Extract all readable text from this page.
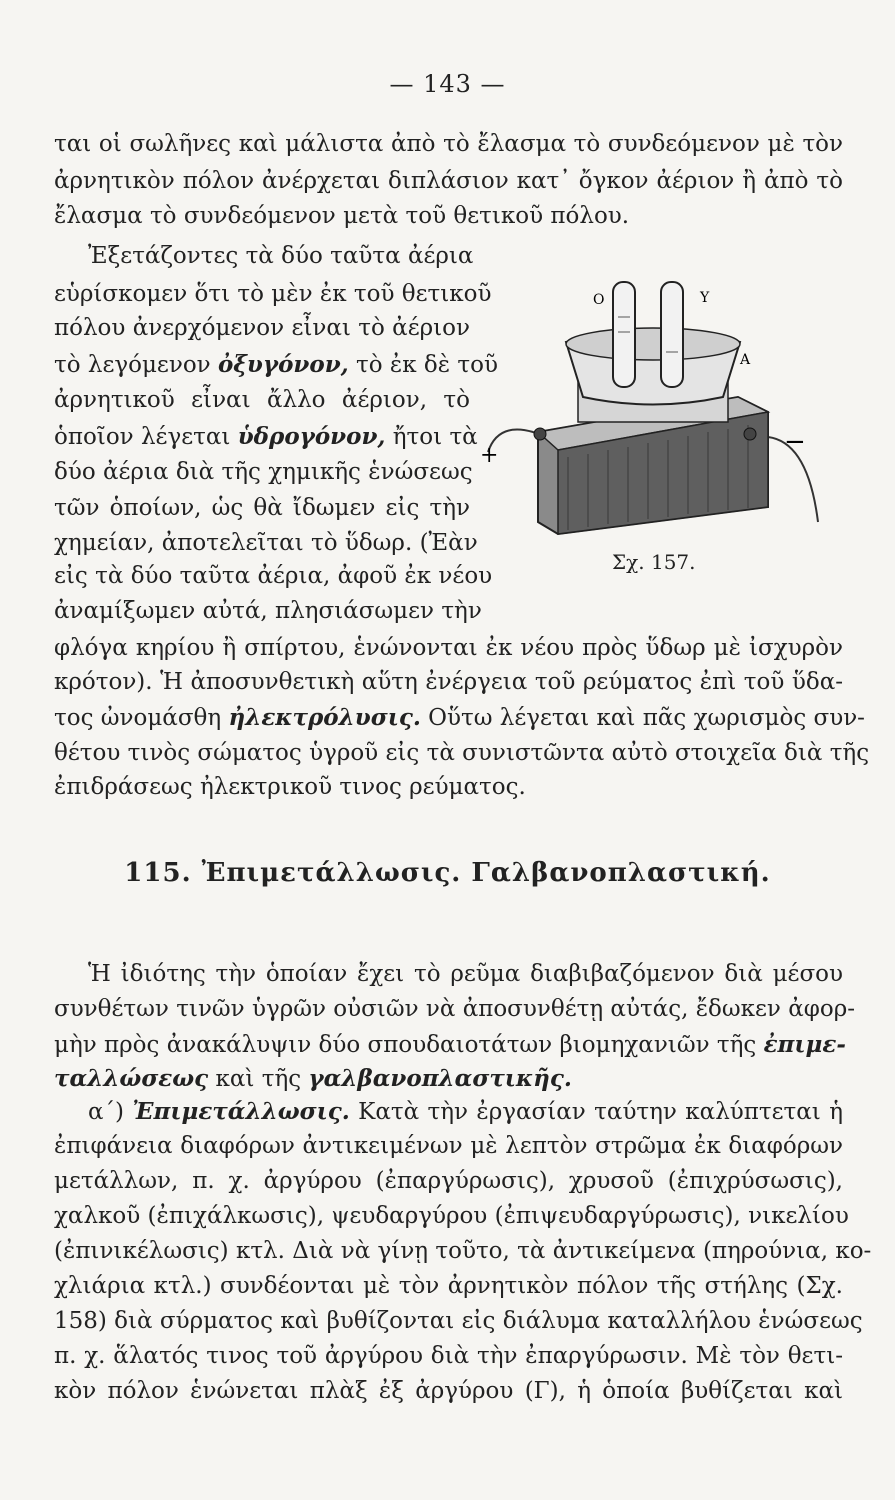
— 143 —
ται οἱ σωλῆνες καὶ μάλιστα ἀπὸ τὸ ἔλασμα τὸ συνδεόμενον μὲ τὸν
ἀρνητικὸν πόλον ἀνέρχεται διπλάσιον κατ᾽ ὄγκον ἀέριον ἢ ἀπὸ τὸ
ἔλασμα τὸ συνδεόμενον μετὰ τοῦ θετικοῦ πόλου.
Ἐξετάζοντες τὰ δύο ταῦτα ἀέρια
εὑρίσκομεν ὅτι τὸ μὲν ἐκ τοῦ θετικοῦ
πόλου ἀνερχόμενον εἶναι τὸ ἀέριον
τὸ λεγόμενον ὀξυγόνον, τὸ ἐκ δὲ τοῦ
ἀρνητικοῦ εἶναι ἄλλο ἀέριον, τὸ
ὁποῖον λέγεται ὑδρογόνον, ἤτοι τὰ
δύο ἀέρια διὰ τῆς χημικῆς ἑνώσεως
τῶν ὁποίων, ὡς θὰ ἴδωμεν εἰς τὴν
χημείαν, ἀποτελεῖται τὸ ὕδωρ. (Ἐὰν
εἰς τὰ δύο ταῦτα ἀέρια, ἀφοῦ ἐκ νέου
ἀναμίξωμεν αὐτά, πλησιάσωμεν τὴν
O	Y
A
+	−
Σχ. 157.
φλόγα κηρίου ἢ σπίρτου, ἑνώνονται ἐκ νέου πρὸς ὕδωρ μὲ ἰσχυρὸν
κρότον). Ἡ ἀποσυνθετικὴ αὕτη ἐνέργεια τοῦ ρεύματος ἐπὶ τοῦ ὕδα-
τος ὠνομάσθη ἠλεκτρόλυσις. Οὕτω λέγεται καὶ πᾶς χωρισμὸς συν-
θέτου τινὸς σώματος ὑγροῦ εἰς τὰ συνιστῶντα αὐτὸ στοιχεῖα διὰ τῆς
ἐπιδράσεως ἠλεκτρικοῦ τινος ρεύματος.
115. Ἐπιμετάλλωσις. Γαλβανοπλαστική.
Ἡ ἰδιότης τὴν ὁποίαν ἔχει τὸ ρεῦμα διαβιβαζόμενον διὰ μέσου
συνθέτων τινῶν ὑγρῶν οὐσιῶν νὰ ἀποσυνθέτῃ αὐτάς, ἔδωκεν ἀφορ-
μὴν πρὸς ἀνακάλυψιν δύο σπουδαιοτάτων βιομηχανιῶν τῆς ἐπιμε-
ταλλώσεως καὶ τῆς γαλβανοπλαστικῆς.
α´) Ἐπιμετάλλωσις. Κατὰ τὴν ἐργασίαν ταύτην καλύπτεται ἡ
ἐπιφάνεια διαφόρων ἀντικειμένων μὲ λεπτὸν στρῶμα ἐκ διαφόρων
μετάλλων, π. χ. ἀργύρου (ἐπαργύρωσις), χρυσοῦ (ἐπιχρύσωσις),
χαλκοῦ (ἐπιχάλκωσις), ψευδαργύρου (ἐπιψευδαργύρωσις), νικελίου
(ἐπινικέλωσις) κτλ. Διὰ νὰ γίνῃ τοῦτο, τὰ ἀντικείμενα (πηρούνια, κο-
χλιάρια κτλ.) συνδέονται μὲ τὸν ἀρνητικὸν πόλον τῆς στήλης (Σχ.
158) διὰ σύρματος καὶ βυθίζονται εἰς διάλυμα καταλλήλου ἑνώσεως
π. χ. ἅλατός τινος τοῦ ἀργύρου διὰ τὴν ἐπαργύρωσιν. Μὲ τὸν θετι-
κὸν πόλον ἑνώνεται πλὰξ ἐξ ἀργύρου (Γ), ἡ ὁποία βυθίζεται καὶ
